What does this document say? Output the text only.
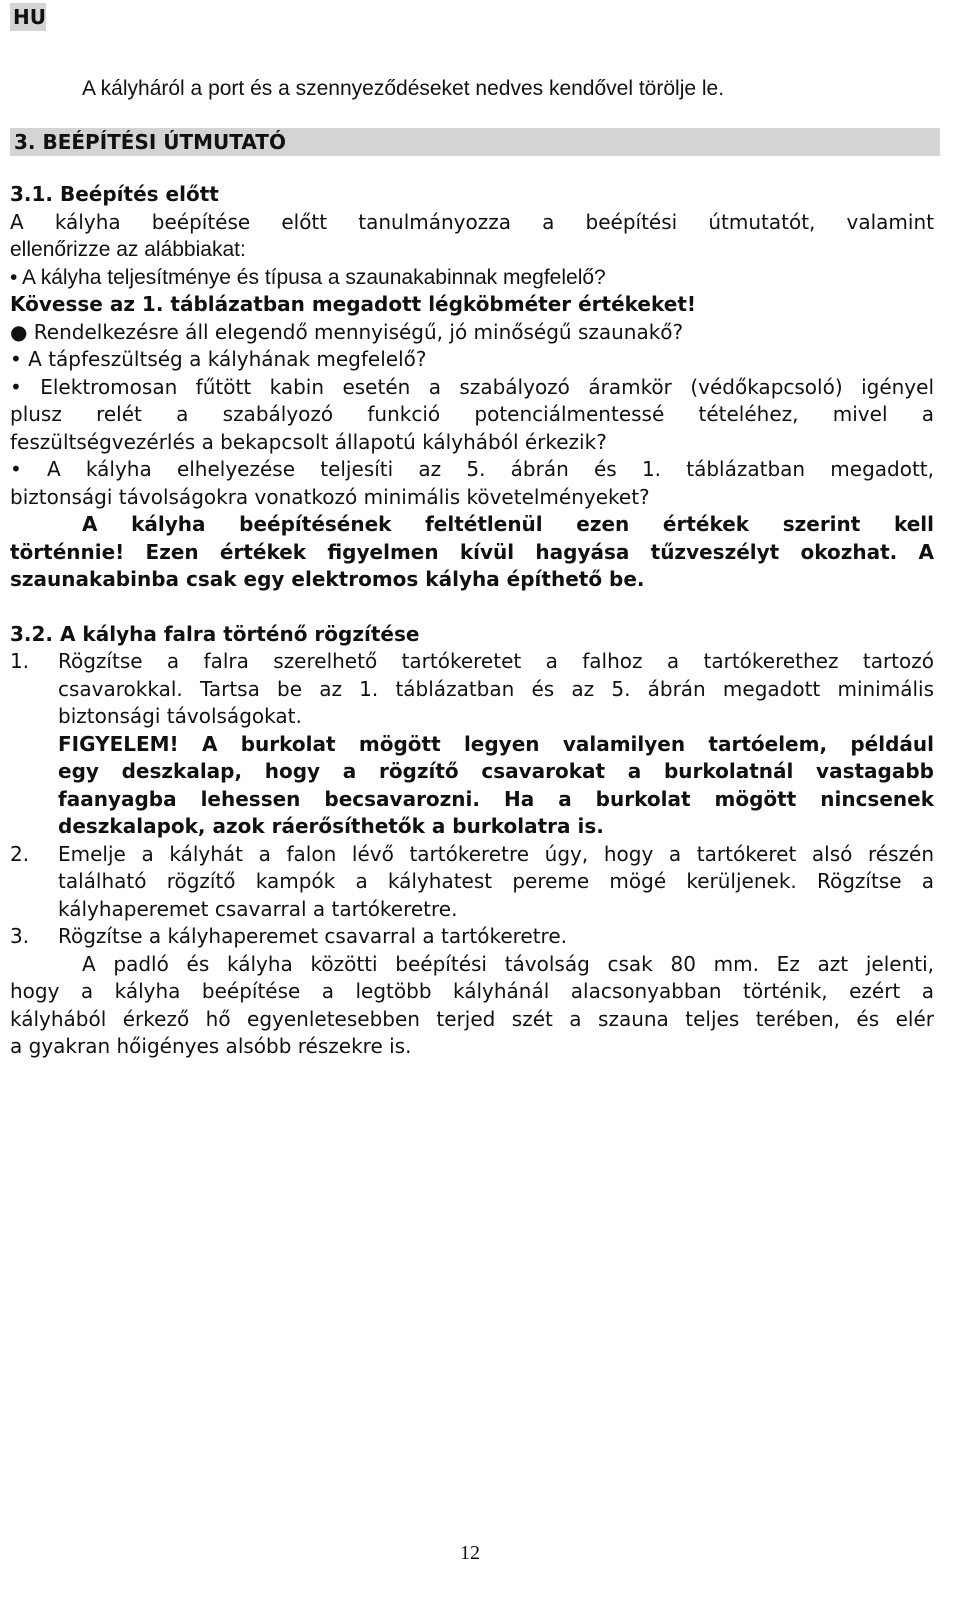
HU
A kályháról a port és a szennyeződéseket nedves kendővel törölje le.
3. BEÉPÍTÉSI ÚTMUTATÓ

3.1. Beépítés előtt

A kályha beépítése előtt tanulmányozza a beépítési útmutatót, valamint

ellenőrizze az alábbiakat:

• A kályha teljesítménye és típusa a szaunakabinnak megfelelő?

Kövesse az 1. táblázatban megadott légköbméter értékeket!

● Rendelkezésre áll elegendő mennyiségű, jó minőségű szaunakő?

• A tápfeszültség a kályhának megfelelő?

• Elektromosan fűtött kabin esetén a szabályozó áramkör (védőkapcsoló) igényel

plusz relét a szabályozó funkció potenciálmentessé tételéhez, mivel a

feszültségvezérlés a bekapcsolt állapotú kályhából érkezik?

• A kályha elhelyezése teljesíti az 5. ábrán és 1. táblázatban megadott,

biztonsági távolságokra vonatkozó minimális követelményeket?

A kályha beépítésének feltétlenül ezen értékek szerint kell

történnie! Ezen értékek figyelmen kívül hagyása tűzveszélyt okozhat. A

szaunakabinba csak egy elektromos kályha építhető be.

3.2. A kályha falra történő rögzítése

1.	Rögzítse a falra szerelhető tartókeretet a falhoz a tartókerethez tartozó

csavarokkal. Tartsa be az 1. táblázatban és az 5. ábrán megadott minimális

biztonsági távolságokat.

FIGYELEM! A burkolat mögött legyen valamilyen tartóelem, például

egy deszkalap, hogy a rögzítő csavarokat a burkolatnál vastagabb

faanyagba lehessen becsavarozni. Ha a burkolat mögött nincsenek

deszkalapok, azok ráerősíthetők a burkolatra is.

2.	Emelje a kályhát a falon lévő tartókeretre úgy, hogy a tartókeret alsó részén

található rögzítő kampók a kályhatest pereme mögé kerüljenek. Rögzítse a

kályhaperemet csavarral a tartókeretre.

3.	Rögzítse a kályhaperemet csavarral a tartókeretre.

A padló és kályha közötti beépítési távolság csak 80 mm. Ez azt jelenti,

hogy a kályha beépítése a legtöbb kályhánál alacsonyabban történik, ezért a

kályhából érkező hő egyenletesebben terjed szét a szauna teljes terében, és elér

a gyakran hőigényes alsóbb részekre is.

12
